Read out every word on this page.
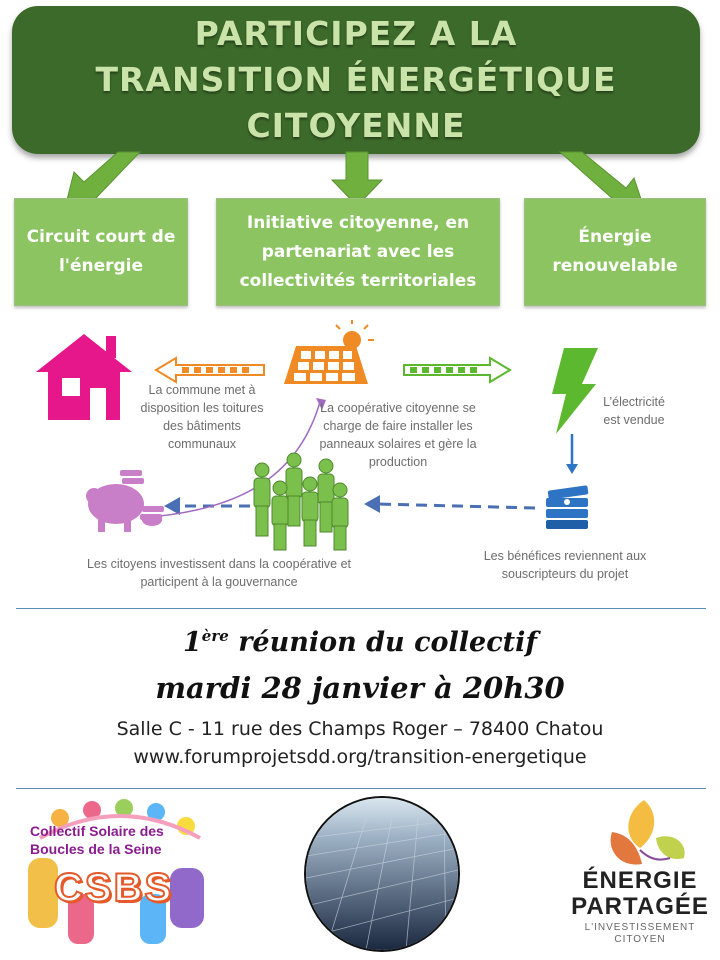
PARTICIPEZ A LA
TRANSITION ÉNERGÉTIQUE
CITOYENNE
Circuit court de
l'énergie
Initiative citoyenne, en
partenariat avec les
collectivités territoriales
Énergie
renouvelable
La commune met à
disposition les toitures
des bâtiments
communaux
La coopérative citoyenne se
charge de faire installer les
panneaux solaires et gère la
production
L’électricité
est vendue
Les citoyens investissent dans la coopérative et
participent à la gouvernance
Les bénéfices reviennent aux
souscripteurs du projet
1ère réunion du collectif
mardi 28 janvier à 20h30
Salle C - 11 rue des Champs Roger – 78400 Chatou
www.forumprojetsdd.org/transition-energetique
Collectif Solaire des
Boucles de la Seine
CSBS	ÉNERGIE
PARTAGÉE
L'INVESTISSEMENT
CITOYEN
